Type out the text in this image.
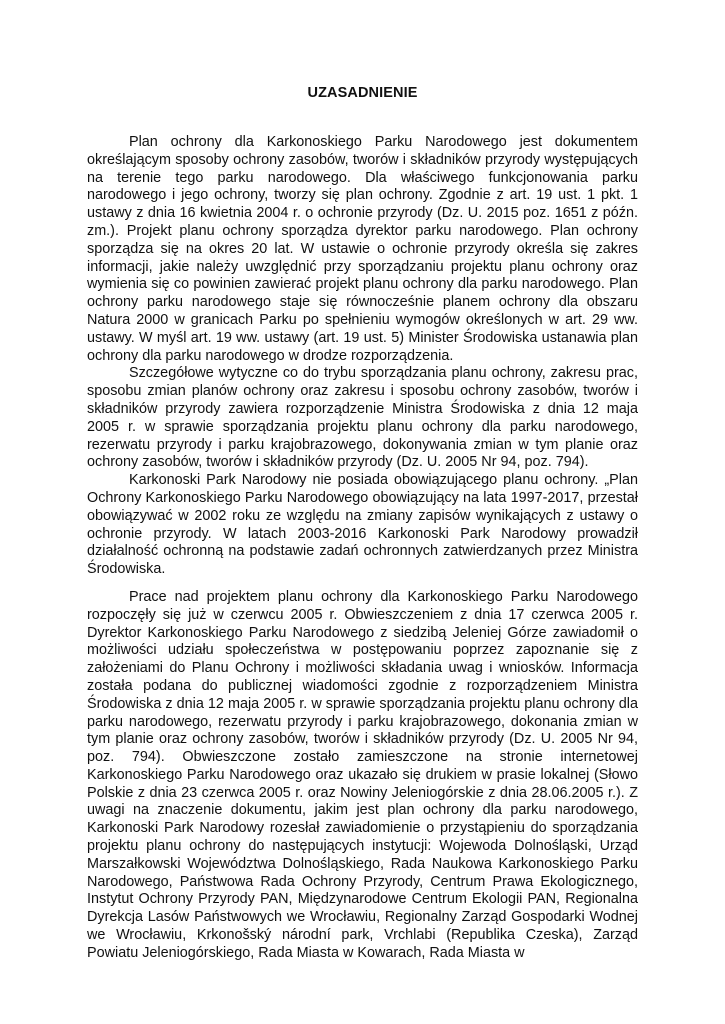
UZASADNIENIE

Plan ochrony dla Karkonoskiego Parku Narodowego jest dokumentem określającym sposoby ochrony zasobów, tworów i składników przyrody występujących na terenie tego parku narodowego. Dla właściwego funkcjonowania parku narodowego i jego ochrony, tworzy się plan ochrony. Zgodnie z art. 19 ust. 1 pkt. 1 ustawy z dnia 16 kwietnia 2004 r. o ochronie przyrody (Dz. U. 2015 poz. 1651 z późn. zm.). Projekt planu ochrony sporządza dyrektor parku narodowego. Plan ochrony sporządza się na okres 20 lat. W ustawie o ochronie przyrody określa się zakres informacji, jakie należy uwzględnić przy sporządzaniu projektu planu ochrony oraz wymienia się co powinien zawierać projekt planu ochrony dla parku narodowego. Plan ochrony parku narodowego staje się równocześnie planem ochrony dla obszaru Natura 2000 w granicach Parku po spełnieniu wymogów określonych w art. 29 ww. ustawy. W myśl art. 19 ww. ustawy (art. 19 ust. 5) Minister Środowiska ustanawia plan ochrony dla parku narodowego w drodze rozporządzenia.

Szczegółowe wytyczne co do trybu sporządzania planu ochrony, zakresu prac, sposobu zmian planów ochrony oraz zakresu i sposobu ochrony zasobów, tworów i składników przyrody zawiera rozporządzenie Ministra Środowiska z dnia 12 maja 2005 r. w sprawie sporządzania projektu planu ochrony dla parku narodowego, rezerwatu przyrody i parku krajobrazowego, dokonywania zmian w tym planie oraz ochrony zasobów, tworów i składników przyrody (Dz. U. 2005 Nr 94, poz. 794).

Karkonoski Park Narodowy nie posiada obowiązującego planu ochrony. „Plan Ochrony Karkonoskiego Parku Narodowego obowiązujący na lata 1997-2017, przestał obowiązywać w 2002 roku ze względu na zmiany zapisów wynikających z ustawy o ochronie przyrody. W latach 2003-2016 Karkonoski Park Narodowy prowadził działalność ochronną na podstawie zadań ochronnych zatwierdzanych przez Ministra Środowiska.

Prace nad projektem planu ochrony dla Karkonoskiego Parku Narodowego rozpoczęły się już w czerwcu 2005 r. Obwieszczeniem z dnia 17 czerwca 2005 r. Dyrektor Karkonoskiego Parku Narodowego z siedzibą Jeleniej Górze zawiadomił o możliwości udziału społeczeństwa w postępowaniu poprzez zapoznanie się z założeniami do Planu Ochrony i możliwości składania uwag i wniosków. Informacja została podana do publicznej wiadomości zgodnie z rozporządzeniem Ministra Środowiska z dnia 12 maja 2005 r. w sprawie sporządzania projektu planu ochrony dla parku narodowego, rezerwatu przyrody i parku krajobrazowego, dokonania zmian w tym planie oraz ochrony zasobów, tworów i składników przyrody (Dz. U. 2005 Nr 94, poz. 794). Obwieszczone zostało zamieszczone na stronie internetowej Karkonoskiego Parku Narodowego oraz ukazało się drukiem w prasie lokalnej (Słowo Polskie z dnia 23 czerwca 2005 r. oraz Nowiny Jeleniogórskie z dnia 28.06.2005 r.). Z uwagi na znaczenie dokumentu, jakim jest plan ochrony dla parku narodowego, Karkonoski Park Narodowy rozesłał zawiadomienie o przystąpieniu do sporządzania projektu planu ochrony do następujących instytucji: Wojewoda Dolnośląski, Urząd Marszałkowski Województwa Dolnośląskiego, Rada Naukowa Karkonoskiego Parku Narodowego, Państwowa Rada Ochrony Przyrody, Centrum Prawa Ekologicznego, Instytut Ochrony Przyrody PAN, Międzynarodowe Centrum Ekologii PAN, Regionalna Dyrekcja Lasów Państwowych we Wrocławiu, Regionalny Zarząd Gospodarki Wodnej we Wrocławiu, Krkonošský národní park, Vrchlabi (Republika Czeska), Zarząd Powiatu Jeleniogórskiego, Rada Miasta w Kowarach, Rada Miasta w
